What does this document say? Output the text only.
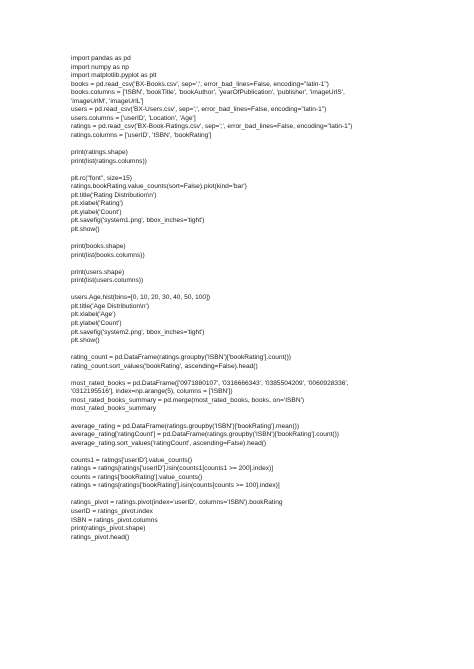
import pandas as pd
import numpy as np
import matplotlib.pyplot as plt
books = pd.read_csv('BX-Books.csv', sep=';', error_bad_lines=False, encoding="latin-1")
books.columns = ['ISBN', 'bookTitle', 'bookAuthor', 'yearOfPublication', 'publisher', 'imageUrlS',
'imageUrlM', 'imageUrlL']
users = pd.read_csv('BX-Users.csv', sep=';', error_bad_lines=False, encoding="latin-1")
users.columns = ['userID', 'Location', 'Age']
ratings = pd.read_csv('BX-Book-Ratings.csv', sep=';', error_bad_lines=False, encoding="latin-1")
ratings.columns = ['userID', 'ISBN', 'bookRating']
print(ratings.shape)
print(list(ratings.columns))
plt.rc("font", size=15)
ratings.bookRating.value_counts(sort=False).plot(kind='bar')
plt.title('Rating Distribution\n')
plt.xlabel('Rating')
plt.ylabel('Count')
plt.savefig('system1.png', bbox_inches='tight')
plt.show()
print(books.shape)
print(list(books.columns))
print(users.shape)
print(list(users.columns))
users.Age.hist(bins=[0, 10, 20, 30, 40, 50, 100])
plt.title('Age Distribution\n')
plt.xlabel('Age')
plt.ylabel('Count')
plt.savefig('system2.png', bbox_inches='tight')
plt.show()
rating_count = pd.DataFrame(ratings.groupby('ISBN')['bookRating'].count())
rating_count.sort_values('bookRating', ascending=False).head()
most_rated_books = pd.DataFrame(['0971880107', '0316666343', '0385504209', '0060928336',
'0312195516'], index=np.arange(5), columns = ['ISBN'])
most_rated_books_summary = pd.merge(most_rated_books, books, on='ISBN')
most_rated_books_summary
average_rating = pd.DataFrame(ratings.groupby('ISBN')['bookRating'].mean())
average_rating['ratingCount'] = pd.DataFrame(ratings.groupby('ISBN')['bookRating'].count())
average_rating.sort_values('ratingCount', ascending=False).head()
counts1 = ratings['userID'].value_counts()
ratings = ratings[ratings['userID'].isin(counts1[counts1 >= 200].index)]
counts = ratings['bookRating'].value_counts()
ratings = ratings[ratings['bookRating'].isin(counts[counts >= 100].index)]
ratings_pivot = ratings.pivot(index='userID', columns='ISBN').bookRating
userID = ratings_pivot.index
ISBN = ratings_pivot.columns
print(ratings_pivot.shape)
ratings_pivot.head()
